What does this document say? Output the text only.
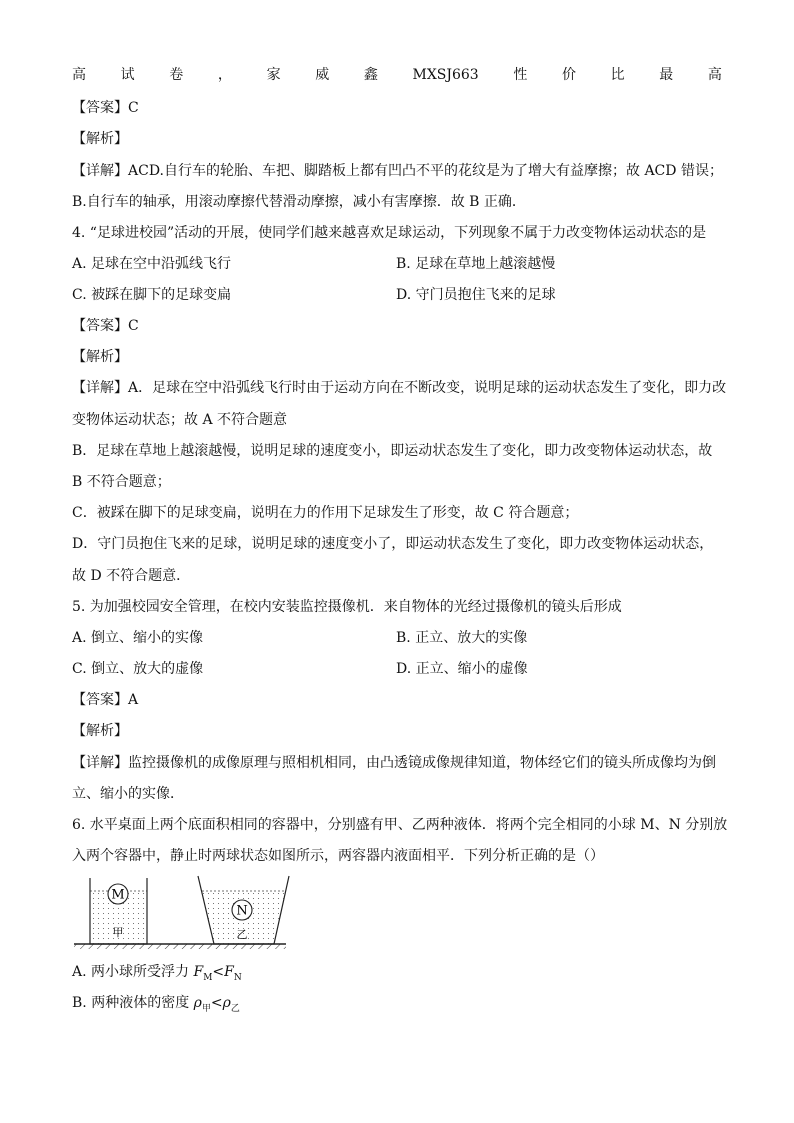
高 试 卷 ， 家 威 鑫 MXSJ663 性 价 比 最 高
【答案】C
【解析】
【详解】ACD.自行车的轮胎、车把、脚踏板上都有凹凸不平的花纹是为了增大有益摩擦；故 ACD 错误；
B.自行车的轴承，用滚动摩擦代替滑动摩擦，减小有害摩擦．故 B 正确．
4. “足球进校园”活动的开展，使同学们越来越喜欢足球运动，下列现象不属于力改变物体运动状态的是
A. 足球在空中沿弧线飞行	B. 足球在草地上越滚越慢
C. 被踩在脚下的足球变扁	D. 守门员抱住飞来的足球
【答案】C
【解析】
【详解】A．足球在空中沿弧线飞行时由于运动方向在不断改变，说明足球的运动状态发生了变化，即力改
变物体运动状态；故 A 不符合题意
B．足球在草地上越滚越慢，说明足球的速度变小，即运动状态发生了变化，即力改变物体运动状态，故
B 不符合题意；
C．被踩在脚下的足球变扁，说明在力的作用下足球发生了形变，故 C 符合题意；
D．守门员抱住飞来的足球，说明足球的速度变小了，即运动状态发生了变化，即力改变物体运动状态，
故 D 不符合题意．
5. 为加强校园安全管理，在校内安装监控摄像机．来自物体的光经过摄像机的镜头后形成
A. 倒立、缩小的实像	B. 正立、放大的实像
C. 倒立、放大的虚像	D. 正立、缩小的虚像
【答案】A
【解析】
【详解】监控摄像机的成像原理与照相机相同，由凸透镜成像规律知道，物体经它们的镜头所成像均为倒
立、缩小的实像．
6. 水平桌面上两个底面积相同的容器中，分别盛有甲、乙两种液体．将两个完全相同的小球 M、N 分别放
入两个容器中，静止时两球状态如图所示，两容器内液面相平．下列分析正确的是（）
M
甲
N
乙
A. 两小球所受浮力 $F_M<F_N$
B. 两种液体的密度 $\rho_甲<\rho_乙$
